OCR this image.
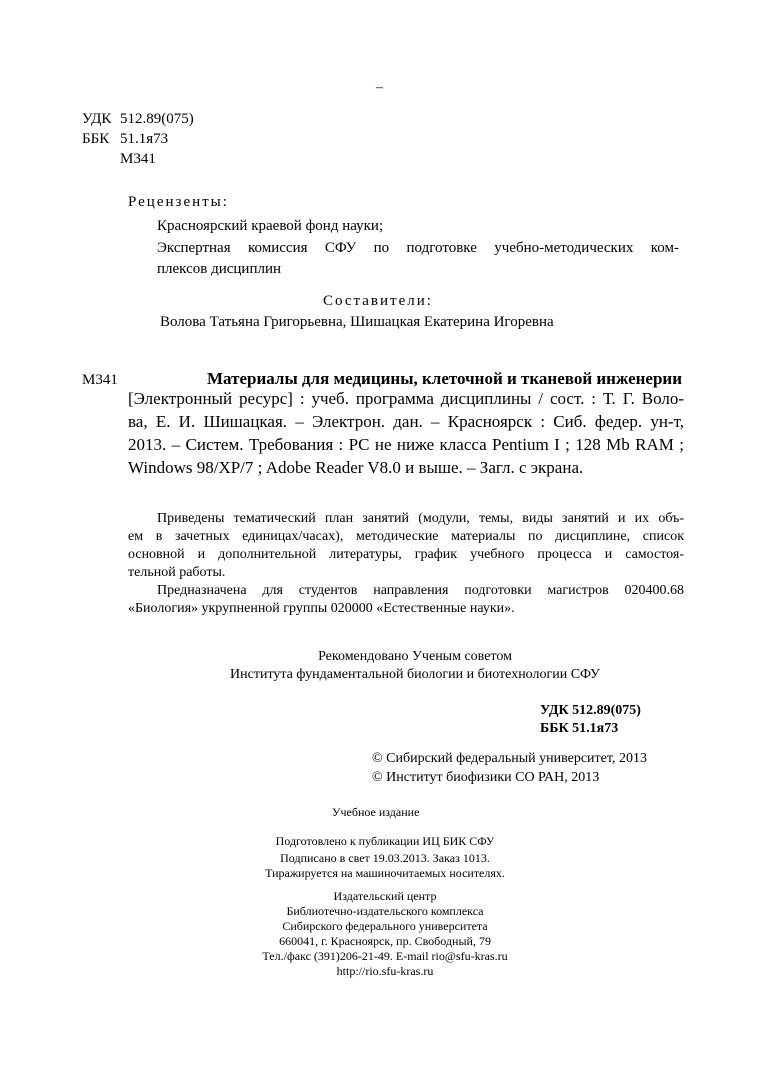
–
УДК 512.89(075)
ББК 51.1я73
М341
Рецензенты:
Красноярский краевой фонд науки;
Экспертная комиссия СФУ по подготовке учебно-методических ком-
плексов дисциплин
Составители:
Волова Татьяна Григорьевна, Шишацкая Екатерина Игоревна
М341	Материалы для медицины, клеточной и тканевой инженерии
[Электронный ресурс] : учеб. программа дисциплины / сост. : Т. Г. Воло-
ва, Е. И. Шишацкая. – Электрон. дан. – Красноярск : Сиб. федер. ун-т,
2013. – Систем. Требования : PC не ниже класса Pentium I ; 128 Mb RAM ;
Windows 98/XP/7 ; Adobe Reader V8.0 и выше. – Загл. с экрана.
Приведены тематический план занятий (модули, темы, виды занятий и их объ-
ем в зачетных единицах/часах), методические материалы по дисциплине, список
основной и дополнительной литературы, график учебного процесса и самостоя-
тельной работы.
Предназначена для студентов направления подготовки магистров 020400.68
«Биология» укрупненной группы 020000 «Естественные науки».
Рекомендовано Ученым советом
Института фундаментальной биологии и биотехнологии СФУ
УДК 512.89(075)
ББК 51.1я73
© Сибирский федеральный университет, 2013
© Институт биофизики СО РАН, 2013
Учебное издание
Подготовлено к публикации ИЦ БИК СФУ
Подписано в свет 19.03.2013. Заказ 1013.
Тиражируется на машиночитаемых носителях.
Издательский центр
Библиотечно-издательского комплекса
Сибирского федерального университета
660041, г. Красноярск, пр. Свободный, 79
Тел./факс (391)206-21-49. E-mail rio@sfu-kras.ru
http://rio.sfu-kras.ru
